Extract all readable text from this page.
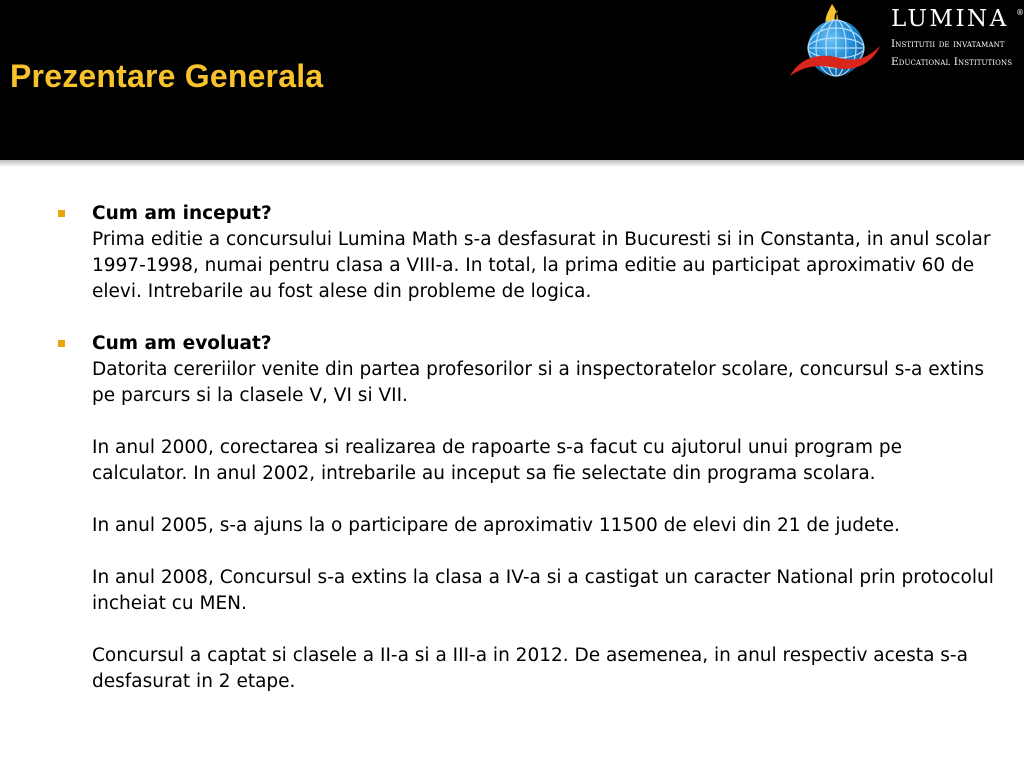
Prezentare Generala
LUMINA ®
Institutii de invatamant
Educational Institutions
Cum am inceput?

Prima editie a concursului Lumina Math s-a desfasurat in Bucuresti si in Constanta, in anul scolar 1997-1998, numai pentru clasa a VIII-a. In total, la prima editie au participat aproximativ 60 de elevi. Intrebarile au fost alese din probleme de logica.

Cum am evoluat?

Datorita cereriilor venite din partea profesorilor si a inspectoratelor scolare, concursul s-a extins pe parcurs si la clasele V, VI si VII.

In anul 2000, corectarea si realizarea de rapoarte s-a facut cu ajutorul unui program pe calculator. In anul 2002, intrebarile au inceput sa fie selectate din programa scolara.

In anul 2005, s-a ajuns la o participare de aproximativ 11500 de elevi din 21 de judete.

In anul 2008, Concursul s-a extins la clasa a IV-a si a castigat un caracter National prin protocolul incheiat cu MEN.

Concursul a captat si clasele a II-a si a III-a in 2012. De asemenea, in anul respectiv acesta s-a desfasurat in 2 etape.
